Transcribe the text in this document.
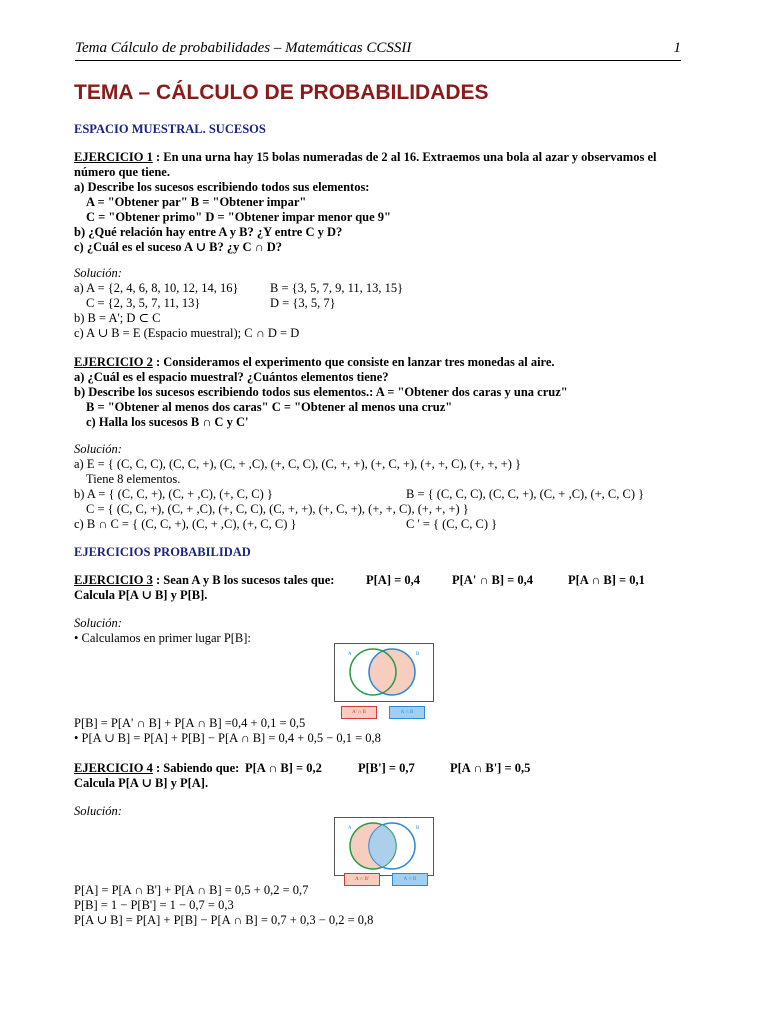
Tema Cálculo de probabilidades – Matemáticas CCSSII	1
TEMA – CÁLCULO DE PROBABILIDADES
ESPACIO MUESTRAL. SUCESOS
EJERCICIO 1 : En una urna hay 15 bolas numeradas de 2 al 16. Extraemos una bola al azar y observamos el
número que tiene.
a) Describe los sucesos escribiendo todos sus elementos:
A = "Obtener par" B = "Obtener impar"
C = "Obtener primo" D = "Obtener impar menor que 9"
b) ¿Qué relación hay entre A y B? ¿Y entre C y D?
c) ¿Cuál es el suceso A ∪ B? ¿y C ∩ D?
Solución:
a) A = {2, 4, 6, 8, 10, 12, 14, 16}	B = {3, 5, 7, 9, 11, 13, 15}
C = {2, 3, 5, 7, 11, 13}	D = {3, 5, 7}
b) B = A'; D ⊂ C
c) A ∪ B = E (Espacio muestral); C ∩ D = D
EJERCICIO 2 : Consideramos el experimento que consiste en lanzar tres monedas al aire.
a) ¿Cuál es el espacio muestral? ¿Cuántos elementos tiene?
b) Describe los sucesos escribiendo todos sus elementos.: A = "Obtener dos caras y una cruz"
B = "Obtener al menos dos caras" C = "Obtener al menos una cruz"
c) Halla los sucesos B ∩ C y C'
Solución:
a) E = { (C, C, C), (C, C, +), (C, + ,C), (+, C, C), (C, +, +), (+, C, +), (+, +, C), (+, +, +) }
Tiene 8 elementos.
b) A = { (C, C, +), (C, + ,C), (+, C, C) }	B = { (C, C, C), (C, C, +), (C, + ,C), (+, C, C) }
C = { (C, C, +), (C, + ,C), (+, C, C), (C, +, +), (+, C, +), (+, +, C), (+, +, +) }
c) B ∩ C = { (C, C, +), (C, + ,C), (+, C, C) }	C ' = { (C, C, C) }
EJERCICIOS PROBABILIDAD
EJERCICIO 3 : Sean A y B los sucesos tales que:	P[A] = 0,4	P[A' ∩ B] = 0,4	P[A ∩ B] = 0,1
Calcula P[A ∪ B] y P[B].
Solución:
• Calculamos en primer lugar P[B]:
A	B
A' ∩ B	A ∩ B
P[B] = P[A' ∩ B] + P[A ∩ B] =0,4 + 0,1 = 0,5
• P[A ∪ B] = P[A] + P[B] − P[A ∩ B] = 0,4 + 0,5 − 0,1 = 0,8
EJERCICIO 4 : Sabiendo que: P[A ∩ B] = 0,2	P[B'] = 0,7	P[A ∩ B'] = 0,5
Calcula P[A ∪ B] y P[A].
Solución:
A	B
A ∩ B'	A ∩ B
P[A] = P[A ∩ B'] + P[A ∩ B] = 0,5 + 0,2 = 0,7
P[B] = 1 − P[B'] = 1 − 0,7 = 0,3
P[A ∪ B] = P[A] + P[B] − P[A ∩ B] = 0,7 + 0,3 − 0,2 = 0,8
